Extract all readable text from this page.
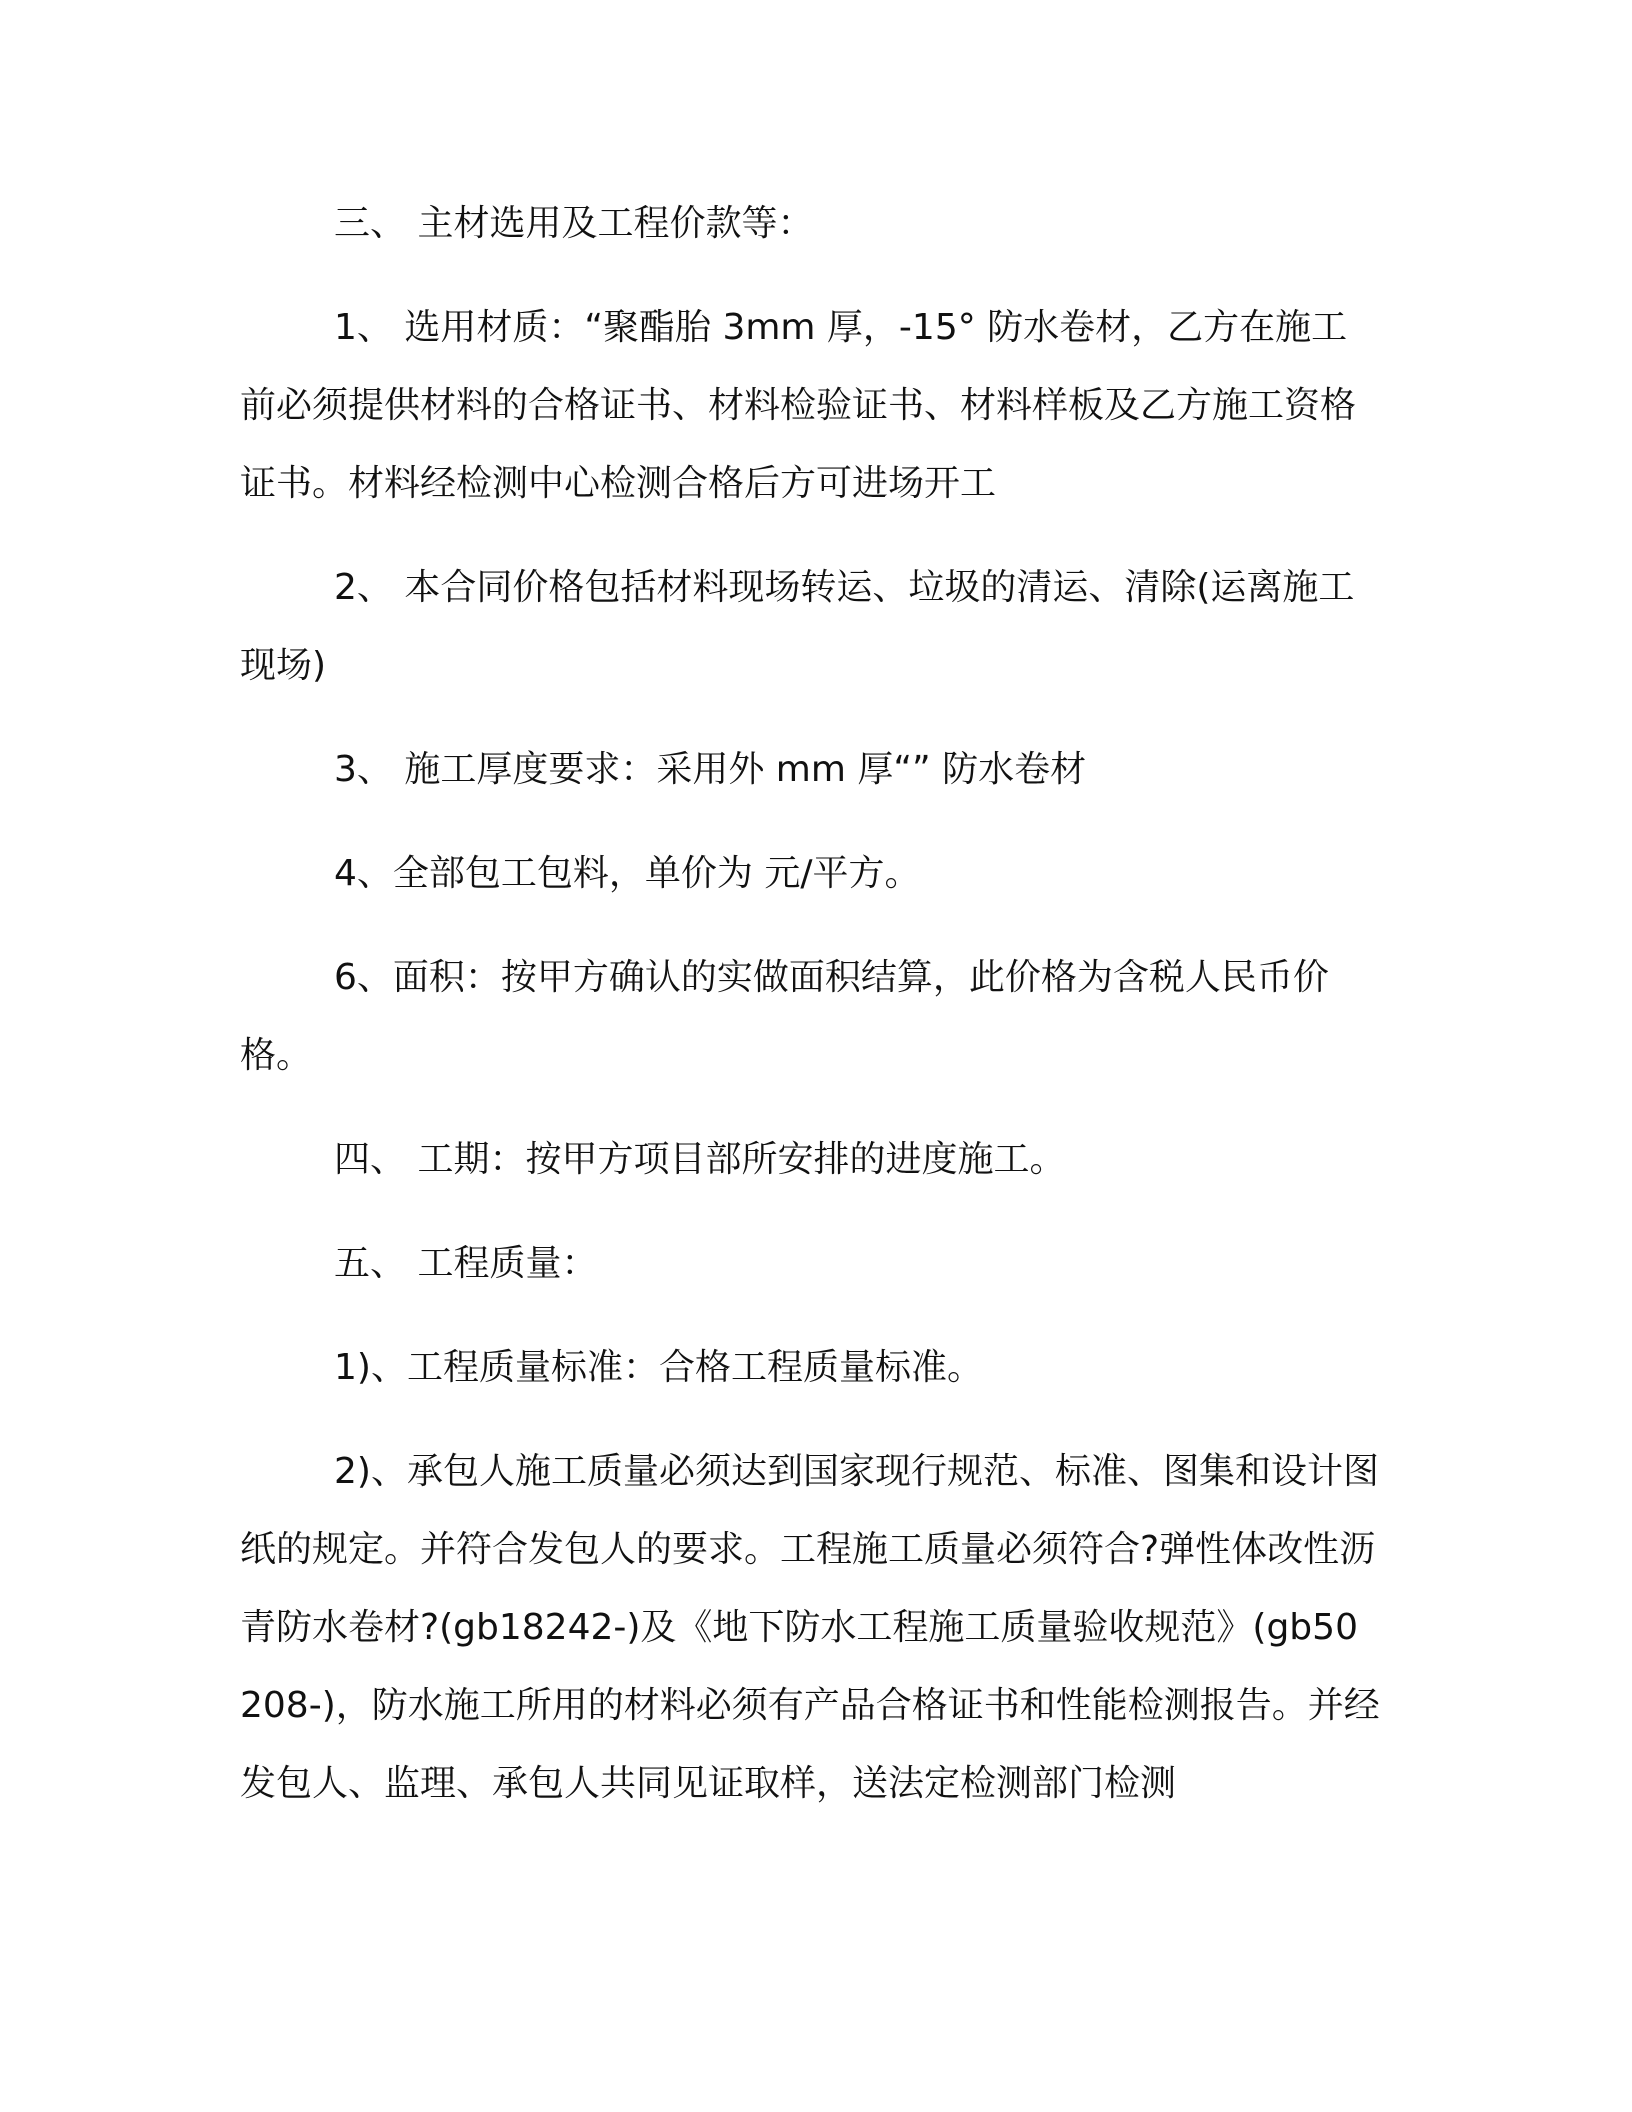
三、 主材选用及工程价款等：

1、 选用材质：“聚酯胎 3mm 厚，-15° 防水卷材，乙方在施工前必须提供材料的合格证书、材料检验证书、材料样板及乙方施工资格证书。材料经检测中心检测合格后方可进场开工

2、 本合同价格包括材料现场转运、垃圾的清运、清除(运离施工现场)

3、 施工厚度要求：采用外 mm 厚“” 防水卷材

4、全部包工包料，单价为 元/平方。

6、面积：按甲方确认的实做面积结算，此价格为含税人民币价格。

四、 工期：按甲方项目部所安排的进度施工。

五、 工程质量：

1)、工程质量标准：合格工程质量标准。

2)、承包人施工质量必须达到国家现行规范、标准、图集和设计图纸的规定。并符合发包人的要求。工程施工质量必须符合?弹性体改性沥青防水卷材?(gb18242-)及《地下防水工程施工质量验收规范》(gb50208-)，防水施工所用的材料必须有产品合格证书和性能检测报告。并经发包人、监理、承包人共同见证取样，送法定检测部门检测
